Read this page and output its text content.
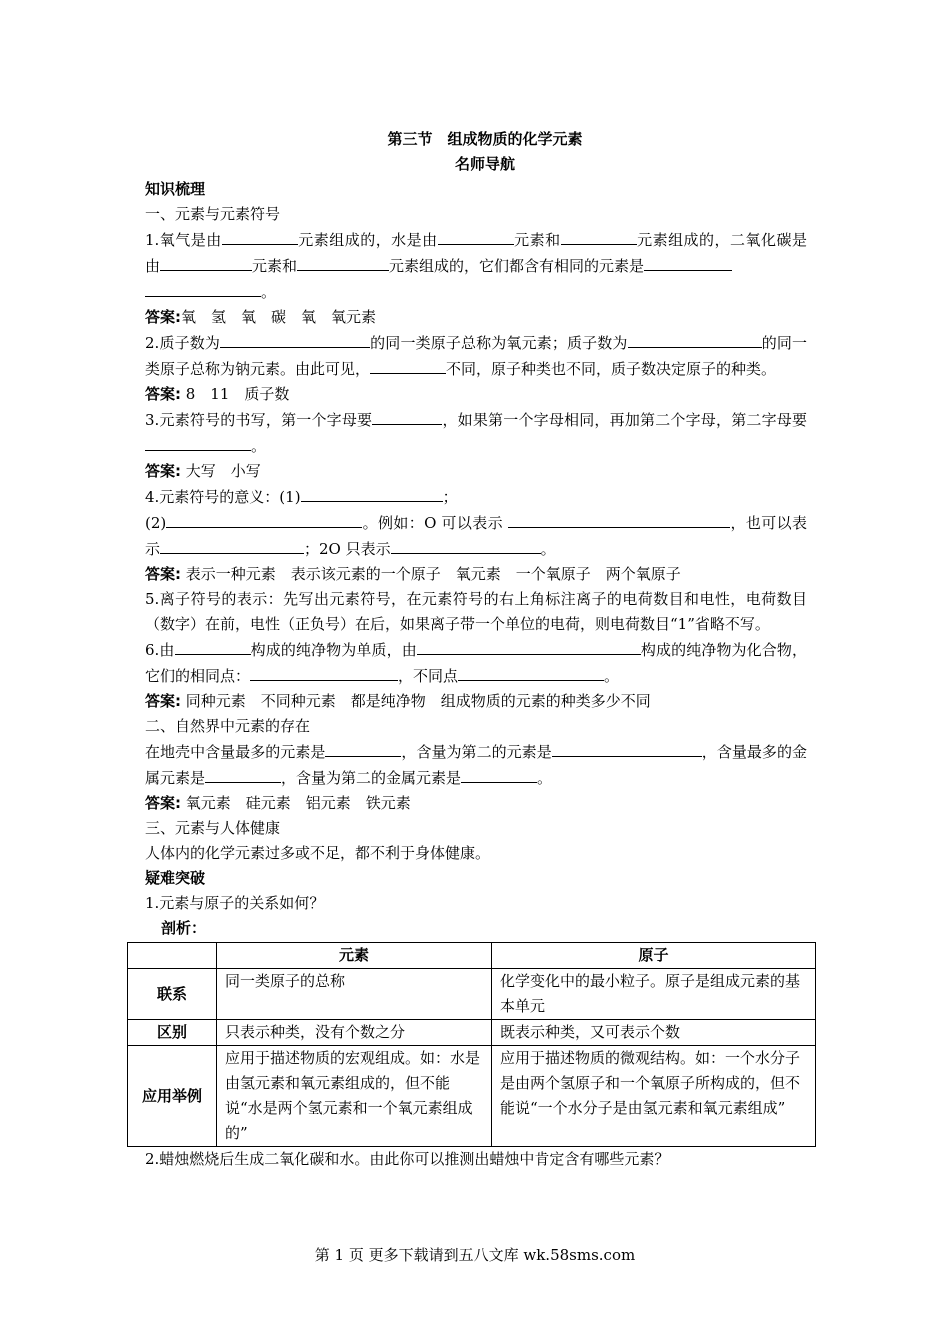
第三节　组成物质的化学元素
名师导航
知识梳理
一、元素与元素符号
1.氧气是由	元素组成的，水是由	元素和	元素组成的，二氧化碳是由	元素和	元素组成的，它们都含有相同的元素是
。
答案:氧　氢　氧　碳　氧　氧元素
2.质子数为	的同一类原子总称为氧元素；质子数为	的同一类原子总称为钠元素。由此可见，	不同，原子种类也不同，质子数决定原子的种类。
答案: 8　11　质子数
3.元素符号的书写，第一个字母要	，如果第一个字母相同，再加第二个字母，第二字母要。
答案: 大写　小写
4.元素符号的意义：(1)	；
(2)	。例如：O 可以表示	，也可以表示	；2O 只表示	。
答案: 表示一种元素　表示该元素的一个原子　氧元素　一个氧原子　两个氧原子
5.离子符号的表示：先写出元素符号，在元素符号的右上角标注离子的电荷数目和电性，电荷数目（数字）在前，电性（正负号）在后，如果离子带一个单位的电荷，则电荷数目“1”省略不写。
6.由	构成的纯净物为单质，由	构成的纯净物为化合物，它们的相同点：	，不同点	。
答案: 同种元素　不同种元素　都是纯净物　组成物质的元素的种类多少不同
二、自然界中元素的存在
在地壳中含量最多的元素是	，含量为第二的元素是	，含量最多的金属元素是	，含量为第二的金属元素是	。
答案: 氧元素　硅元素　铝元素　铁元素
三、元素与人体健康
人体内的化学元素过多或不足，都不利于身体健康。
疑难突破
1.元素与原子的关系如何？
剖析：
	元素	原子
联系	同一类原子的总称	化学变化中的最小粒子。原子是组成元素的基本单元
区别	只表示种类，没有个数之分	既表示种类，又可表示个数
应用举例	应用于描述物质的宏观组成。如：水是由氢元素和氧元素组成的，但不能说“水是两个氢元素和一个氧元素组成的”	应用于描述物质的微观结构。如：一个水分子是由两个氢原子和一个氧原子所构成的，但不能说“一个水分子是由氢元素和氧元素组成”
2.蜡烛燃烧后生成二氧化碳和水。由此你可以推测出蜡烛中肯定含有哪些元素？
第 1 页 更多下载请到五八文库 wk.58sms.com
